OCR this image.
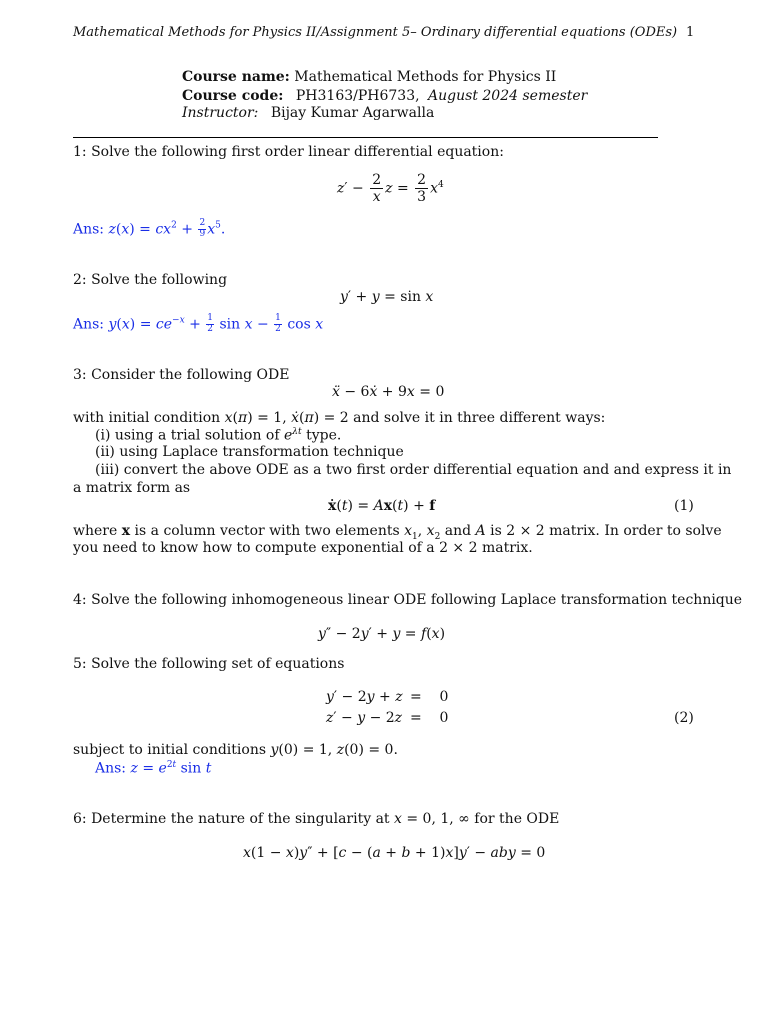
Mathematical Methods for Physics II/Assignment 5– Ordinary differential equations (ODEs) 1
Course name: Mathematical Methods for Physics II
Course code: PH3163/PH6733, August 2024 semester
Instructor: Bijay Kumar Agarwalla
1: Solve the following first order linear differential equation:
$z' - \frac{2}{x}$ $z = \frac{2}{3} x^4$
Ans: $z(x) = cx^2 + \frac{2}{9} x^5$.
2: Solve the following
y′ + y = sin x
Ans: $y(x) = ce^{-x} + \frac{1}{2}$ $\sin x - \frac{1}{2}$ cos x
3: Consider the following ODE
ẍ − 6ẋ + 9x = 0
with initial condition x(π) = 1, ẋ(π) = 2 and solve it in three different ways:
(i) using a trial solution of $e^{\lambda t}$ type.
(ii) using Laplace transformation technique
(iii) convert the above ODE as a two first order differential equation and and express it in
a matrix form as
ẋ(t) = Ax(t) + f	(1)
where x is a column vector with two elements $x_1$, $x_2$ and A is 2 × 2 matrix. In order to solve
you need to know how to compute exponential of a 2 × 2 matrix.
4: Solve the following inhomogeneous linear ODE following Laplace transformation technique
y″ − 2y′ + y = f(x)
5: Solve the following set of equations
y′ − 2y + z =    0
z′ − y − 2z =    0	(2)
subject to initial conditions y(0) = 1, z(0) = 0.
Ans: $z = e^{2t}$ sin t
6: Determine the nature of the singularity at x = 0, 1, ∞ for the ODE
x(1 − x)y″ + [c − (a + b + 1)x]y′ − aby = 0
